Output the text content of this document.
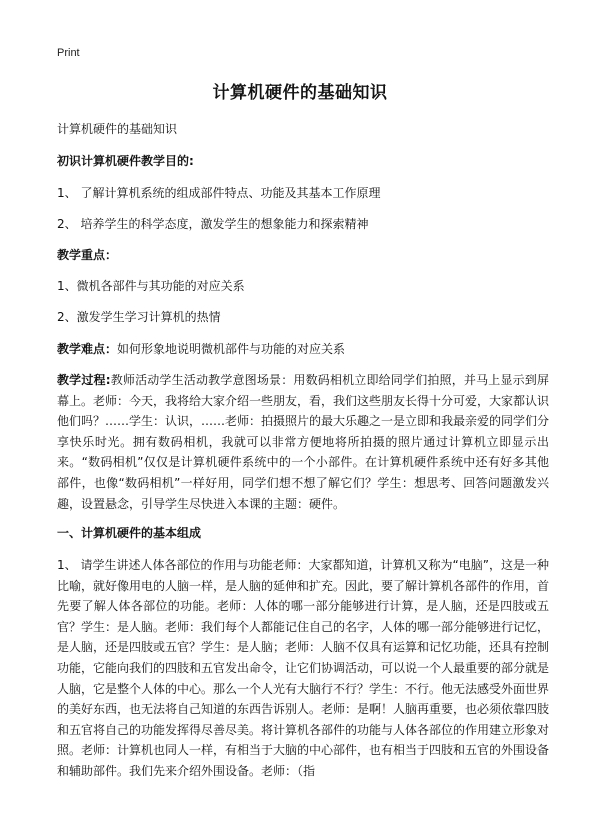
Print
计算机硬件的基础知识

计算机硬件的基础知识

初识计算机硬件教学目的:

1、 了解计算机系统的组成部件特点、功能及其基本工作原理

2、 培养学生的科学态度，激发学生的想象能力和探索精神

教学重点：

1、微机各部件与其功能的对应关系

2、激发学生学习计算机的热情

教学难点：如何形象地说明微机部件与功能的对应关系

教学过程:教师活动学生活动教学意图场景：用数码相机立即给同学们拍照，并马上显示到屏幕上。老师：今天，我将给大家介绍一些朋友，看，我们这些朋友长得十分可爱，大家都认识他们吗？……学生：认识，……老师：拍摄照片的最大乐趣之一是立即和我最亲爱的同学们分享快乐时光。拥有数码相机，我就可以非常方便地将所拍摄的照片通过计算机立即显示出来。“数码相机”仅仅是计算机硬件系统中的一个小部件。在计算机硬件系统中还有好多其他部件，也像“数码相机”一样好用，同学们想不想了解它们？学生：想思考、回答问题激发兴趣，设置悬念，引导学生尽快进入本课的主题：硬件。

一、计算机硬件的基本组成

1、 请学生讲述人体各部位的作用与功能老师：大家都知道，计算机又称为“电脑”，这是一种比喻，就好像用电的人脑一样，是人脑的延伸和扩充。因此，要了解计算机各部件的作用，首先要了解人体各部位的功能。老师：人体的哪一部分能够进行计算，是人脑，还是四肢或五官？学生：是人脑。老师：我们每个人都能记住自己的名字，人体的哪一部分能够进行记忆，是人脑，还是四肢或五官？学生：是人脑；老师：人脑不仅具有运算和记忆功能，还具有控制功能，它能向我们的四肢和五官发出命令，让它们协调活动，可以说一个人最重要的部分就是人脑，它是整个人体的中心。那么一个人光有大脑行不行？学生：不行。他无法感受外面世界的美好东西，也无法将自己知道的东西告诉别人。老师：是啊！人脑再重要，也必须依靠四肢和五官将自己的功能发挥得尽善尽美。将计算机各部件的功能与人体各部位的作用建立形象对照。老师：计算机也同人一样，有相当于大脑的中心部件，也有相当于四肢和五官的外围设备和辅助部件。我们先来介绍外围设备。老师：（指
